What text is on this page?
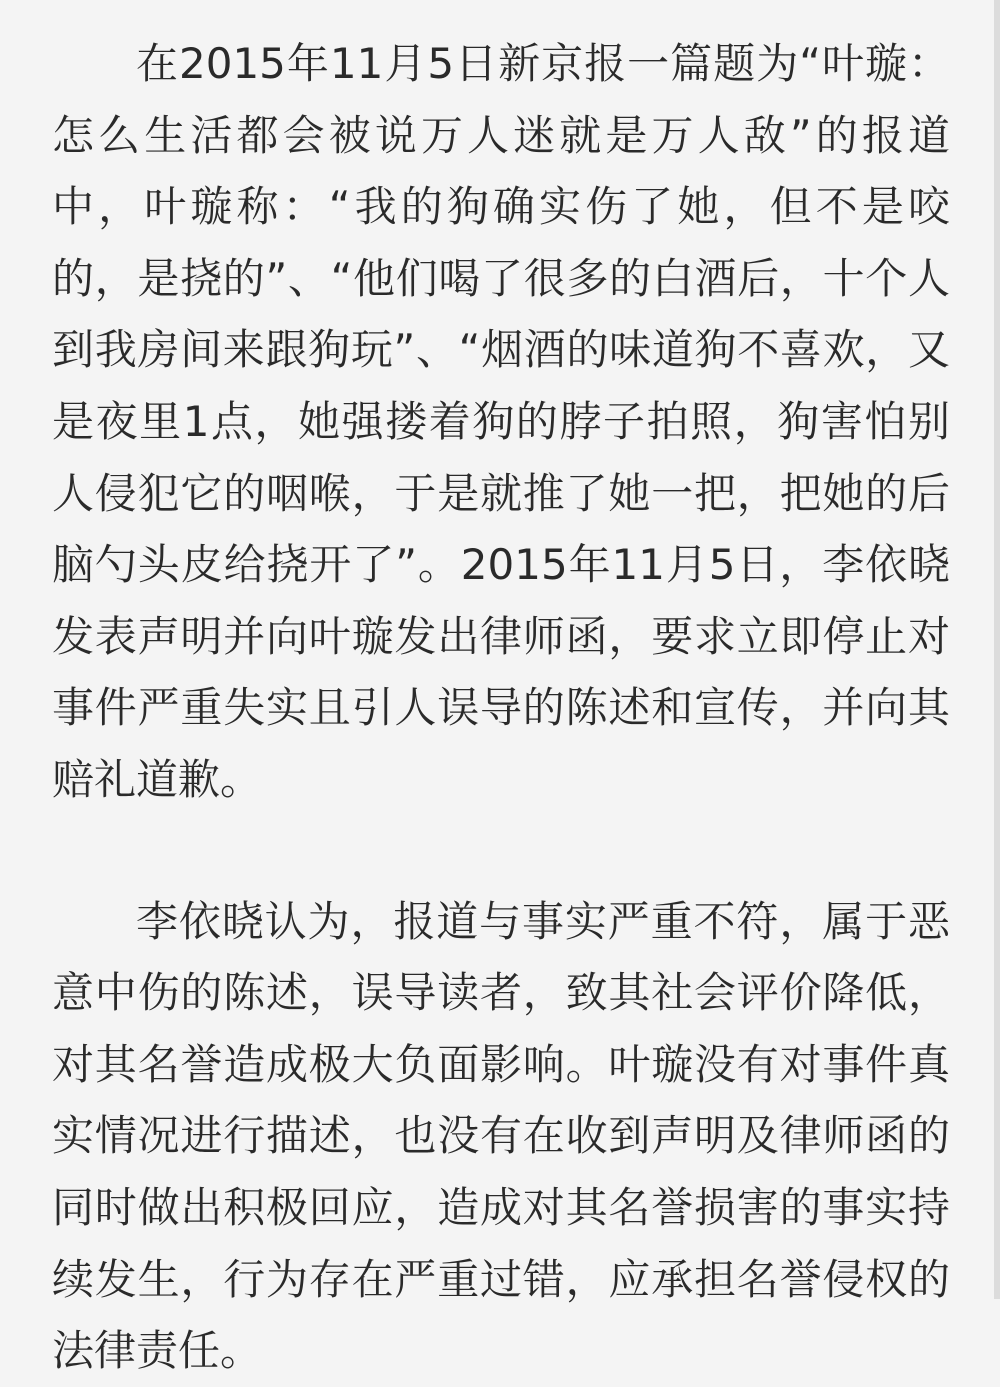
在2015年11月5日新京报一篇题为“叶璇：怎么生活都会被说万人迷就是万人敌”的报道中，叶璇称：“我的狗确实伤了她，但不是咬的，是挠的”、“他们喝了很多的白酒后，十个人到我房间来跟狗玩”、“烟酒的味道狗不喜欢，又是夜里1点，她强搂着狗的脖子拍照，狗害怕别人侵犯它的咽喉，于是就推了她一把，把她的后脑勺头皮给挠开了”。2015年11月5日，李依晓发表声明并向叶璇发出律师函，要求立即停止对事件严重失实且引人误导的陈述和宣传，并向其赔礼道歉。

李依晓认为，报道与事实严重不符，属于恶意中伤的陈述，误导读者，致其社会评价降低，对其名誉造成极大负面影响。叶璇没有对事件真实情况进行描述，也没有在收到声明及律师函的同时做出积极回应，造成对其名誉损害的事实持续发生，行为存在严重过错，应承担名誉侵权的法律责任。
